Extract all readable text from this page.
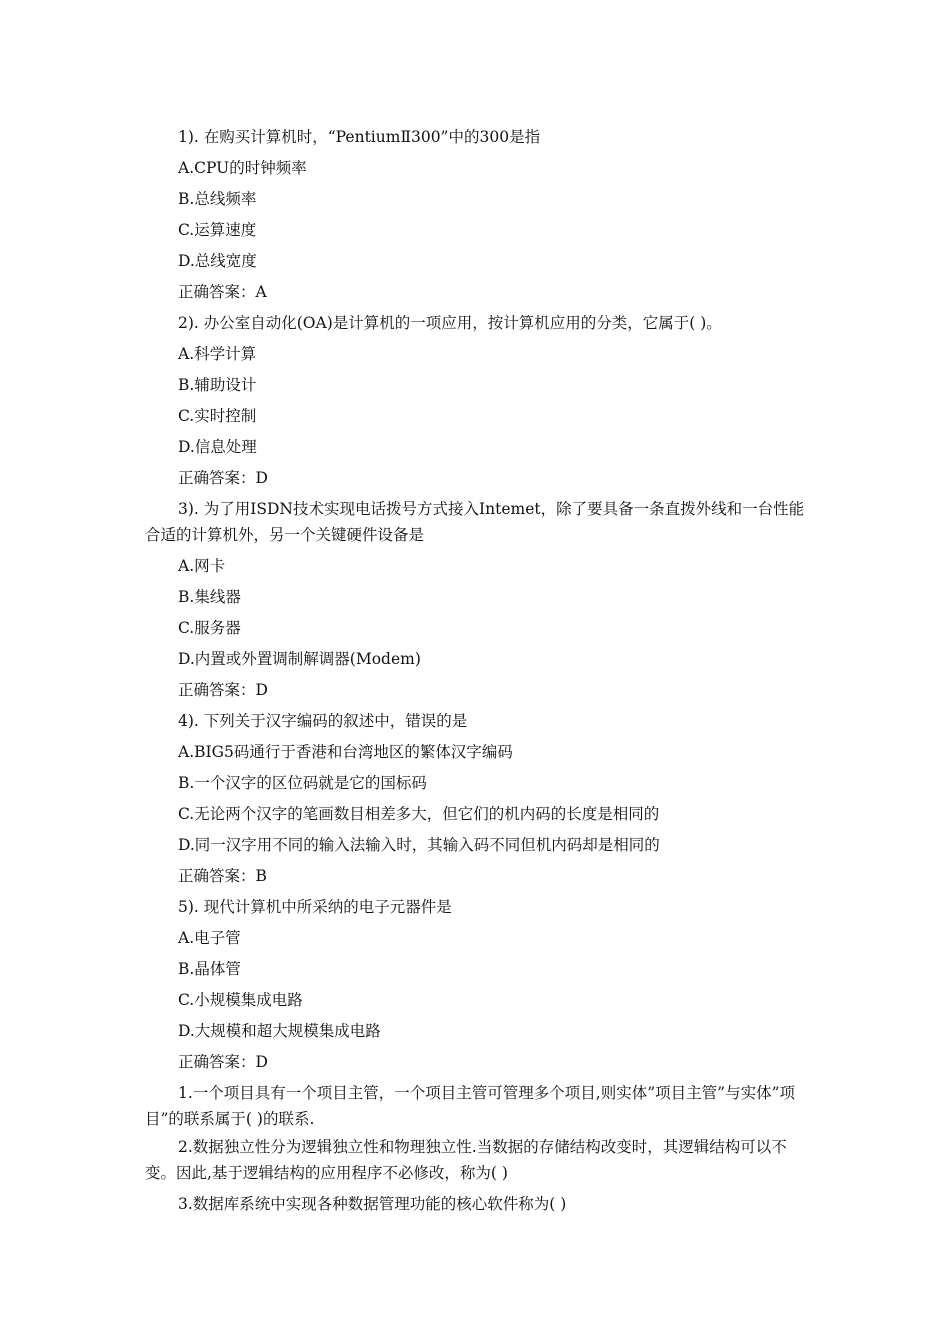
1). 在购买计算机时，“PentiumⅡ300”中的300是指
A.CPU的时钟频率
B.总线频率
C.运算速度
D.总线宽度
正确答案：A
2). 办公室自动化(OA)是计算机的一项应用，按计算机应用的分类，它属于( )。
A.科学计算
B.辅助设计
C.实时控制
D.信息处理
正确答案：D
3). 为了用ISDN技术实现电话拨号方式接入Intemet，除了要具备一条直拨外线和一台性能合适的计算机外，另一个关键硬件设备是
A.网卡
B.集线器
C.服务器
D.内置或外置调制解调器(Modem)
正确答案：D
4). 下列关于汉字编码的叙述中，错误的是
A.BIG5码通行于香港和台湾地区的繁体汉字编码
B.一个汉字的区位码就是它的国标码
C.无论两个汉字的笔画数目相差多大，但它们的机内码的长度是相同的
D.同一汉字用不同的输入法输入时，其输入码不同但机内码却是相同的
正确答案：B
5). 现代计算机中所采纳的电子元器件是
A.电子管
B.晶体管
C.小规模集成电路
D.大规模和超大规模集成电路
正确答案：D
1.一个项目具有一个项目主管，一个项目主管可管理多个项目,则实体”项目主管”与实体”项目”的联系属于( )的联系.
2.数据独立性分为逻辑独立性和物理独立性.当数据的存储结构改变时，其逻辑结构可以不变。因此,基于逻辑结构的应用程序不必修改，称为( )
3.数据库系统中实现各种数据管理功能的核心软件称为( )
